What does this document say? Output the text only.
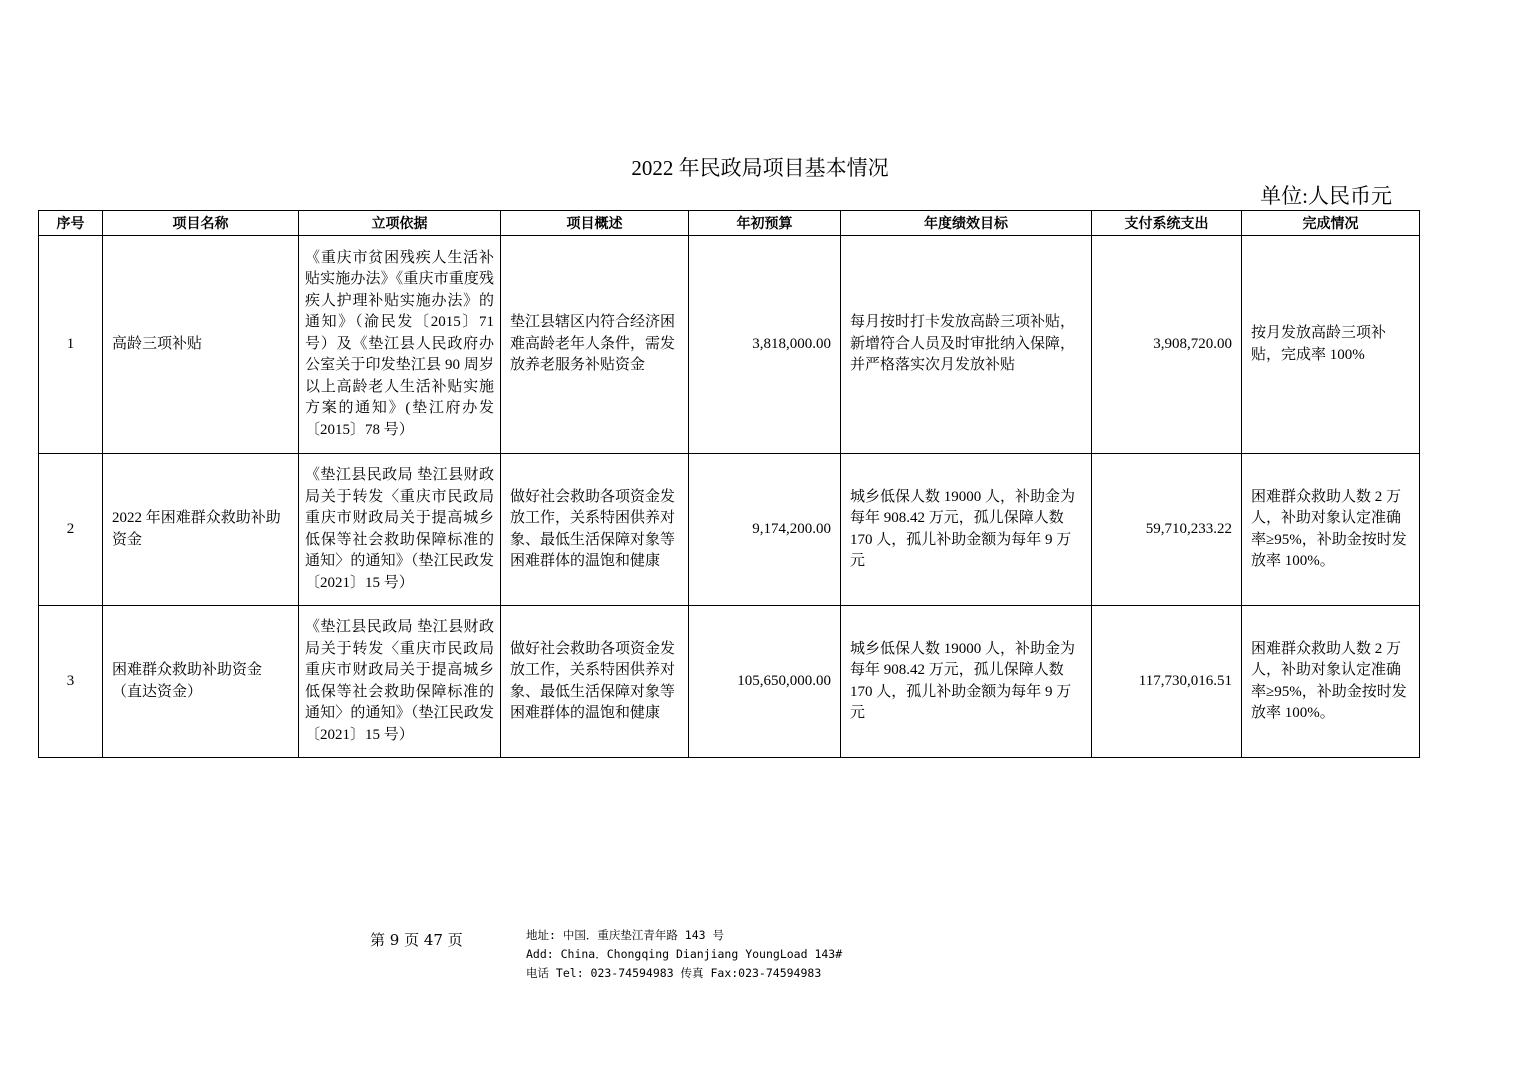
2022 年民政局项目基本情况
单位:人民币元
序号	项目名称	立项依据	项目概述	年初预算	年度绩效目标	支付系统支出	完成情况
1	高龄三项补贴	《重庆市贫困残疾人生活补贴实施办法》《重庆市重度残疾人护理补贴实施办法》的通知》（渝民发〔2015〕71 号）及《垫江县人民政府办公室关于印发垫江县 90 周岁以上高龄老人生活补贴实施方案的通知》(垫江府办发〔2015〕78 号）	垫江县辖区内符合经济困难高龄老年人条件，需发放养老服务补贴资金	3,818,000.00	每月按时打卡发放高龄三项补贴，新增符合人员及时审批纳入保障，并严格落实次月发放补贴	3,908,720.00	按月发放高龄三项补贴，完成率 100%
2	2022 年困难群众救助补助资金	《垫江县民政局 垫江县财政局关于转发〈重庆市民政局　重庆市财政局关于提高城乡低保等社会救助保障标准的通知〉的通知》（垫江民政发〔2021〕15 号）	做好社会救助各项资金发放工作，关系特困供养对象、最低生活保障对象等困难群体的温饱和健康	9,174,200.00	城乡低保人数 19000 人，补助金为每年 908.42 万元，孤儿保障人数 170 人，孤儿补助金额为每年 9 万元	59,710,233.22	困难群众救助人数 2 万人，补助对象认定准确率≥95%，补助金按时发放率 100%。
3	困难群众救助补助资金（直达资金）	《垫江县民政局 垫江县财政局关于转发〈重庆市民政局　重庆市财政局关于提高城乡低保等社会救助保障标准的通知〉的通知》（垫江民政发〔2021〕15 号）	做好社会救助各项资金发放工作，关系特困供养对象、最低生活保障对象等困难群体的温饱和健康	105,650,000.00	城乡低保人数 19000 人，补助金为每年 908.42 万元，孤儿保障人数 170 人，孤儿补助金额为每年 9 万元	117,730,016.51	困难群众救助人数 2 万人，补助对象认定准确率≥95%，补助金按时发放率 100%。
第 9 页 47 页	地址: 中国．重庆垫江青年路 143 号
Add: China．Chongqing Dianjiang YoungLoad 143#
电话 Tel: 023-74594983 传真 Fax:023-74594983
